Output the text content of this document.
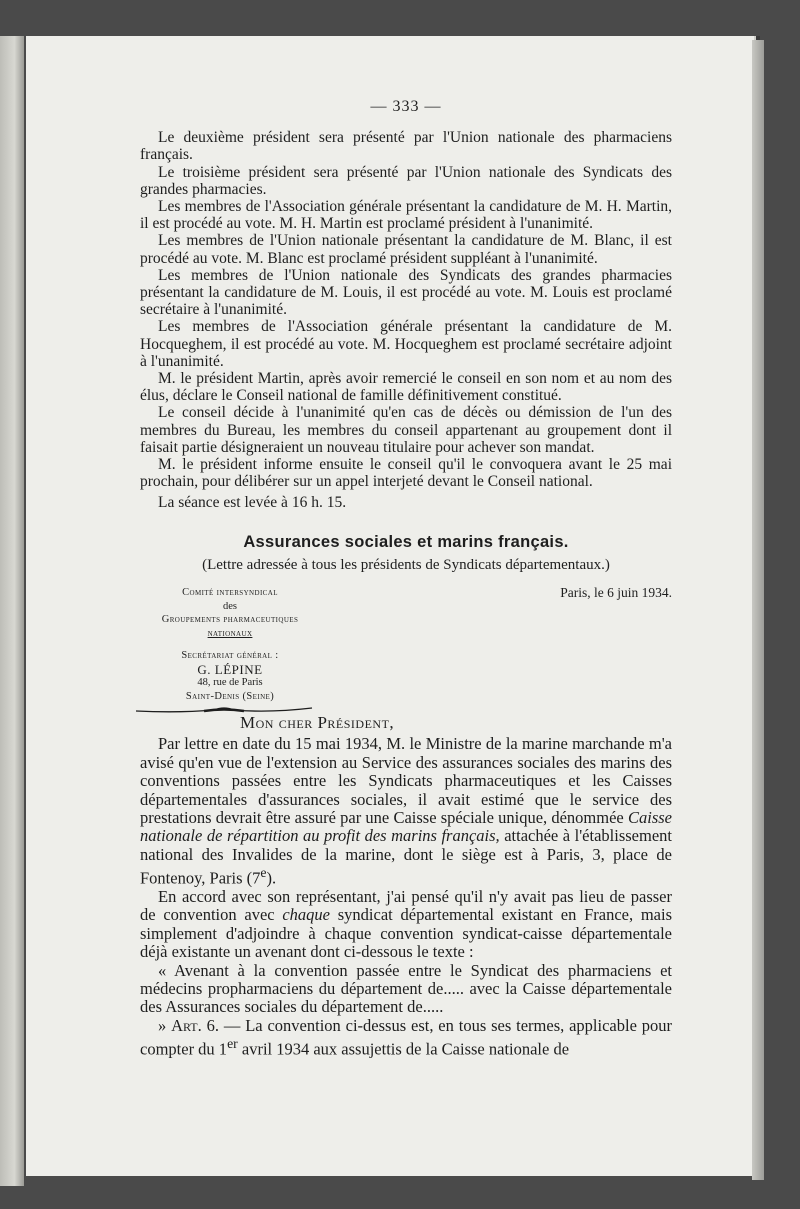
— 333 —

Le deuxième président sera présenté par l'Union nationale des pharmaciens français.

Le troisième président sera présenté par l'Union nationale des Syndicats des grandes pharmacies.

Les membres de l'Association générale présentant la candidature de M. H. Martin, il est procédé au vote. M. H. Martin est proclamé président à l'unanimité.

Les membres de l'Union nationale présentant la candidature de M. Blanc, il est procédé au vote. M. Blanc est proclamé président suppléant à l'unanimité.

Les membres de l'Union nationale des Syndicats des grandes pharmacies présentant la candidature de M. Louis, il est procédé au vote. M. Louis est proclamé secrétaire à l'unanimité.

Les membres de l'Association générale présentant la candidature de M. Hocqueghem, il est procédé au vote. M. Hocqueghem est proclamé secrétaire adjoint à l'unanimité.

M. le président Martin, après avoir remercié le conseil en son nom et au nom des élus, déclare le Conseil national de famille définitivement constitué.

Le conseil décide à l'unanimité qu'en cas de décès ou démission de l'un des membres du Bureau, les membres du conseil appartenant au groupement dont il faisait partie désigneraient un nouveau titulaire pour achever son mandat.

M. le président informe ensuite le conseil qu'il le convoquera avant le 25 mai prochain, pour délibérer sur un appel interjeté devant le Conseil national.

La séance est levée à 16 h. 15.

Assurances sociales et marins français.
(Lettre adressée à tous les présidents de Syndicats départementaux.)
Comité intersyndical
des
Groupements pharmaceutiques
nationaux
Secrétariat général :
G. LÉPINE
48, rue de Paris
Saint-Denis (Seine)
Paris, le 6 juin 1934.
Mon cher Président,

Par lettre en date du 15 mai 1934, M. le Ministre de la marine marchande m'a avisé qu'en vue de l'extension au Service des assurances sociales des marins des conventions passées entre les Syndicats pharmaceutiques et les Caisses départementales d'assurances sociales, il avait estimé que le service des prestations devrait être assuré par une Caisse spéciale unique, dénommée Caisse nationale de répartition au profit des marins français, attachée à l'établissement national des Invalides de la marine, dont le siège est à Paris, 3, place de Fontenoy, Paris (7e).

En accord avec son représentant, j'ai pensé qu'il n'y avait pas lieu de passer de convention avec chaque syndicat départemental existant en France, mais simplement d'adjoindre à chaque convention syndicat-caisse départementale déjà existante un avenant dont ci-dessous le texte :

« Avenant à la convention passée entre le Syndicat des pharmaciens et médecins propharmaciens du département de..... avec la Caisse départementale des Assurances sociales du département de.....

» Art. 6. — La convention ci-dessus est, en tous ses termes, applicable pour compter du 1er avril 1934 aux assujettis de la Caisse nationale de
